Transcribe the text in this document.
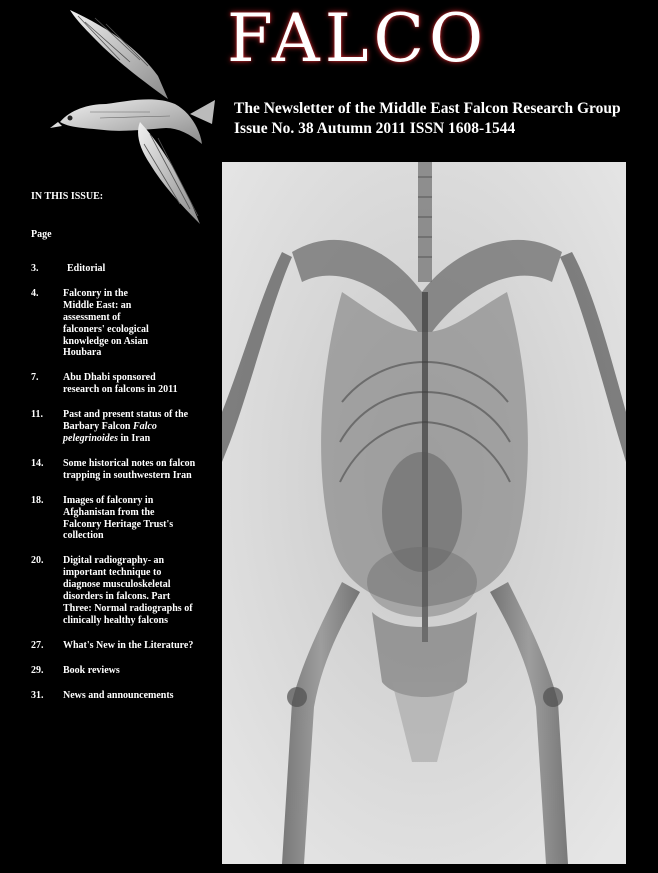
FALCO
The Newsletter of the Middle East Falcon Research Group
Issue No. 38 Autumn 2011 ISSN 1608-1544
IN THIS ISSUE:
Page
3.	Editorial
4.	Falconry in the Middle East: an assessment of falconers' ecological knowledge on Asian Houbara
7.	Abu Dhabi sponsored research on falcons in 2011
11.	Past and present status of the Barbary Falcon Falco pelegrinoides in Iran
14.	Some historical notes on falcon trapping in southwestern Iran
18.	Images of falconry in Afghanistan from the Falconry Heritage Trust's collection
20.	Digital radiography- an important technique to diagnose musculoskeletal disorders in falcons. Part Three: Normal radiographs of clinically healthy falcons
27.	What's New in the Literature?
29.	Book reviews
31.	News and announcements
